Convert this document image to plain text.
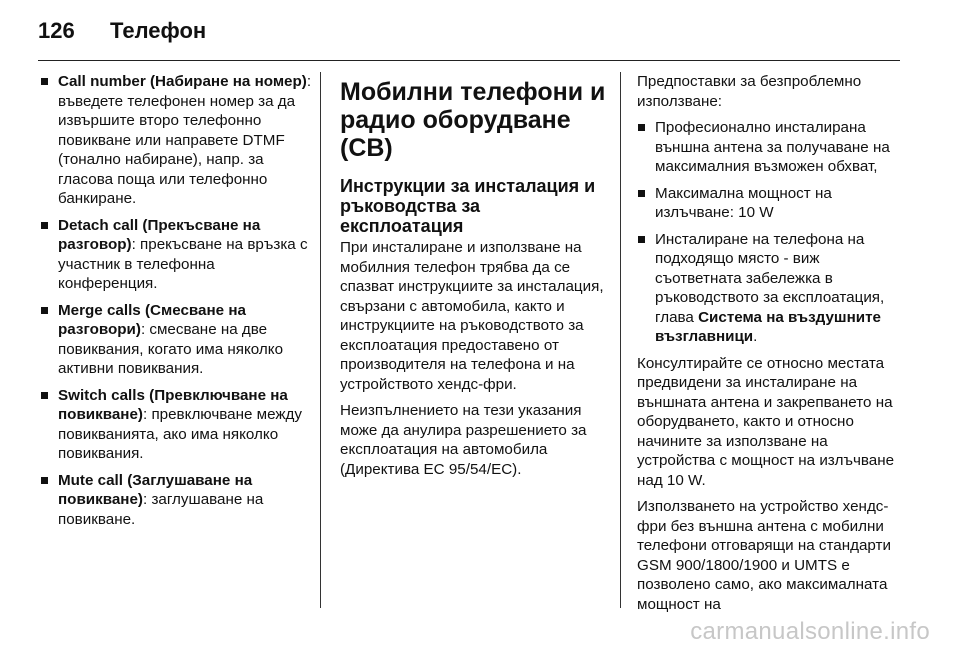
126	Телефон
Call number (Набиране на номер): въведете телефонен номер за да извършите второ телефонно повикване или направете DTMF (тонално набиране), напр. за гласова поща или телефонно банкиране.
Detach call (Прекъсване на разговор): прекъсване на връзка с участник в телефонна конференция.
Merge calls (Смесване на разговори): смесване на две повиквания, когато има няколко активни повиквания.
Switch calls (Превключване на повикване): превключване между повикванията, ако има няколко повиквания.
Mute call (Заглушаване на повикване): заглушаване на повикване.
Мобилни телефони и радио оборудване (CB)
Инструкции за инсталация и ръководства за експлоатация

При инсталиране и използване на мобилния телефон трябва да се спазват инструкциите за инсталация, свързани с автомобила, както и инструкциите на ръководството за експлоатация предоставено от производителя на телефона и на устройството хендс-фри.

Неизпълнението на тези указания може да анулира разрешението за експлоатация на автомобила (Директива ЕС 95/54/ЕС).

Предпоставки за безпроблемно използване:

Професионално инсталирана външна антена за получаване на максималния възможен обхват,
Максимална мощност на излъчване: 10 W
Инсталиране на телефона на подходящо място - виж съответната забележка в ръководството за експлоатация, глава Система на въздушните възглавници.

Консултирайте се относно местата предвидени за инсталиране на външната антена и закрепването на оборудването, както и относно начините за използване на устройства с мощност на излъчване над 10 W.

Използването на устройство хендс-фри без външна антена с мобилни телефони отговарящи на стандарти GSM 900/1800/1900 и UMTS е позволено само, ако максималната мощност на

carmanualsonline.info
